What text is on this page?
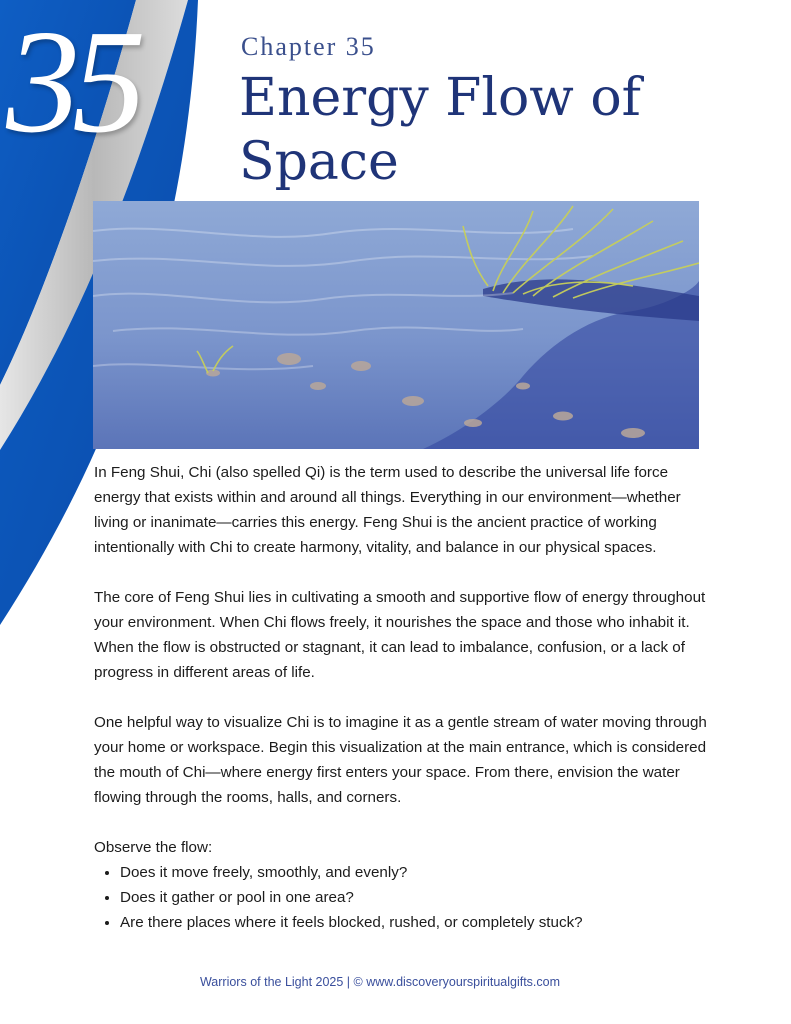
35	Chapter 35
Energy Flow of Space

In Feng Shui, Chi (also spelled Qi) is the term used to describe the universal life force energy that exists within and around all things. Everything in our environment—whether living or inanimate—carries this energy. Feng Shui is the ancient practice of working intentionally with Chi to create harmony, vitality, and balance in our physical spaces.

The core of Feng Shui lies in cultivating a smooth and supportive flow of energy throughout your environment. When Chi flows freely, it nourishes the space and those who inhabit it. When the flow is obstructed or stagnant, it can lead to imbalance, confusion, or a lack of progress in different areas of life.

One helpful way to visualize Chi is to imagine it as a gentle stream of water moving through your home or workspace. Begin this visualization at the main entrance, which is considered the mouth of Chi—where energy first enters your space. From there, envision the water flowing through the rooms, halls, and corners.

Observe the flow:

• Does it move freely, smoothly, and evenly?
• Does it gather or pool in one area?
• Are there places where it feels blocked, rushed, or completely stuck?
Warriors of the Light 2025 | © www.discoveryourspiritualgifts.com
